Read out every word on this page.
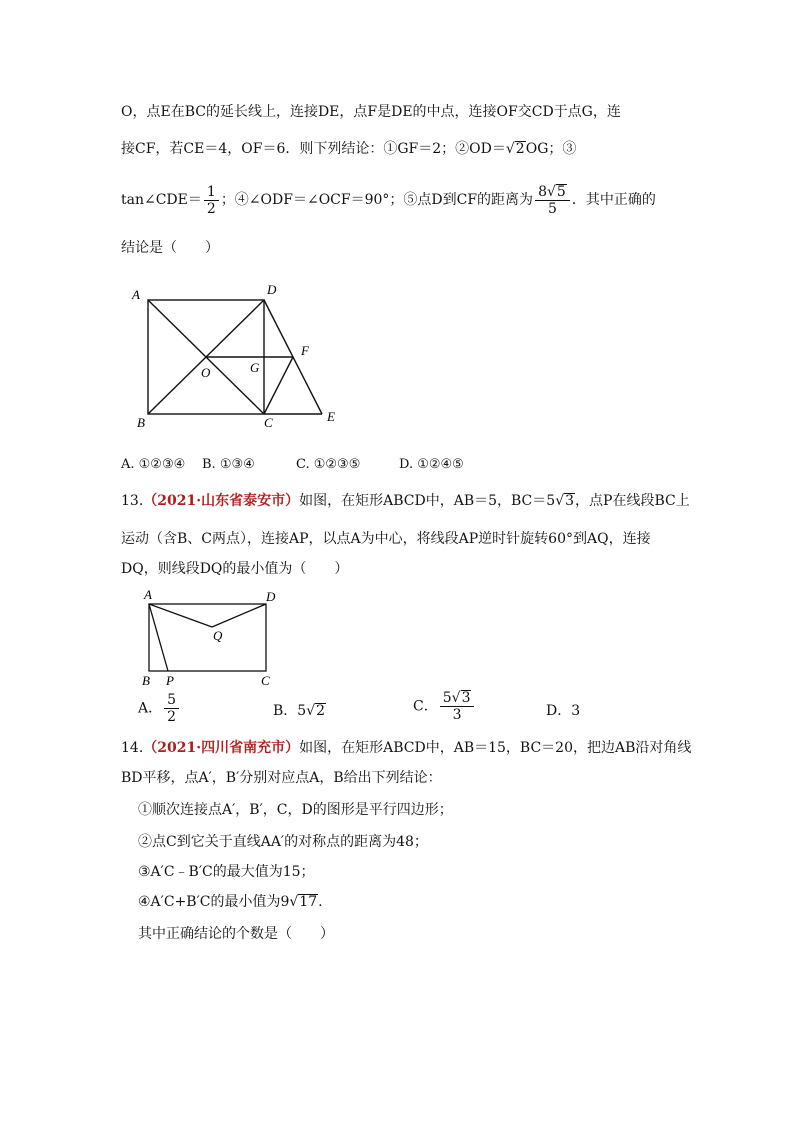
O，点E在BC的延长线上，连接DE，点F是DE的中点，连接OF交CD于点G，连
接CF，若CE＝4，OF＝6．则下列结论：①GF＝2；②OD＝√2OG；③
tan∠CDE＝ $\frac{1}{2}$ ；④∠ODF＝∠OCF＝90°；⑤点D到CF的距离为 $\frac{8√5}{5}$ ．其中正确的
结论是（　　）
A	D
O	G
F
B	C	E
A. ①②③④ B. ①③④	C. ①②③⑤	D. ①②④⑤
13.（2021·山东省泰安市）如图，在矩形ABCD中，AB＝5，BC＝5√3，点P在线段BC上
运动（含B、C两点），连接AP，以点A为中心，将线段AP逆时针旋转60°到AQ，连接
DQ，则线段DQ的最小值为（　　）
A	D
Q
B P	C
A． $\frac{5}{2}$	B．5√2	C． $\frac{5√3}{3}$	D．3
14.（2021·四川省南充市）如图，在矩形ABCD中，AB＝15，BC＝20，把边AB沿对角线
BD平移，点A′，B′分别对应点A，B给出下列结论：
①顺次连接点A′，B′，C，D的图形是平行四边形；
②点C到它关于直线AA′的对称点的距离为48；
③A′C﹣B′C的最大值为15；
④A′C+B′C的最小值为9√17.
其中正确结论的个数是（　　）
